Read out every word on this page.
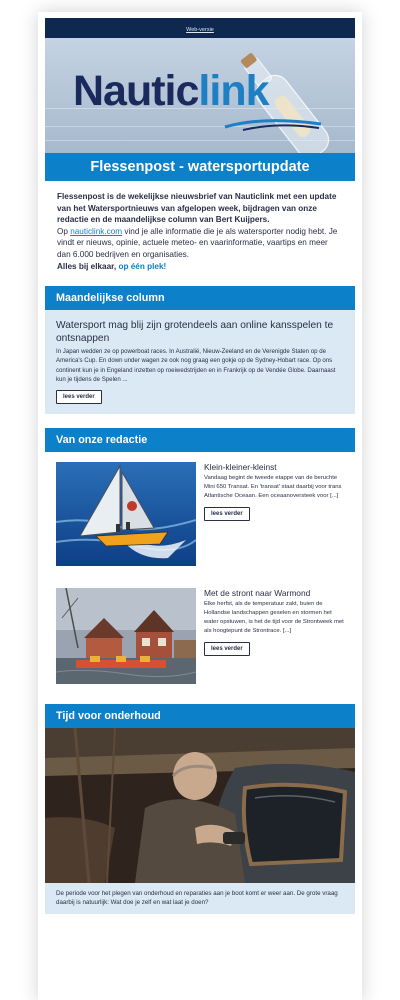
Web-versie
Nauticlink
Flessenpost - watersportupdate

Flessenpost is de wekelijkse nieuwsbrief van Nauticlink met een update van het Watersportnieuws van afgelopen week, bijdragen van onze redactie en de maandelijkse column van Bert Kuijpers.

Op nauticlink.com vind je alle informatie die je als watersporter nodig hebt. Je vindt er nieuws, opinie, actuele meteo- en vaarinformatie, vaartips en meer dan 6.000 bedrijven en organisaties.

Alles bij elkaar, op één plek!

Maandelijkse column
Watersport mag blij zijn grotendeels aan online kansspelen te ontsnappen

In Japan wedden ze op powerboat races. In Australië, Nieuw-Zeeland en de Verenigde Staten op de America's Cup. En down under wagen ze ook nog graag een gokje op de Sydney-Hobart race. Op ons continent kun je in Engeland inzetten op roeiwedstrijden en in Frankrijk op de Vendée Globe. Daarnaast kun je tijdens de Spelen ...

lees verder
Van onze redactie
Klein-kleiner-kleinst

Vandaag begint de tweede etappe van de beruchte Mini 650 Transat. En 'transat' staat daarbij voor trans Atlantische Oceaan. Een oceaanoversteek voor [...]

lees verder
Met de stront naar Warmond

Elke herfst, als de temperatuur zakt, buien de Hollandse landschappen geselen en stormen het water opstuwen, is het de tijd voor de Strontweek met als hoogtepunt de Strontrace. [...]

lees verder
Tijd voor onderhoud
De periode voor het plegen van onderhoud en reparaties aan je boot komt er weer aan. De grote vraag daarbij is natuurlijk: Wat doe je zelf en wat laat je doen?
